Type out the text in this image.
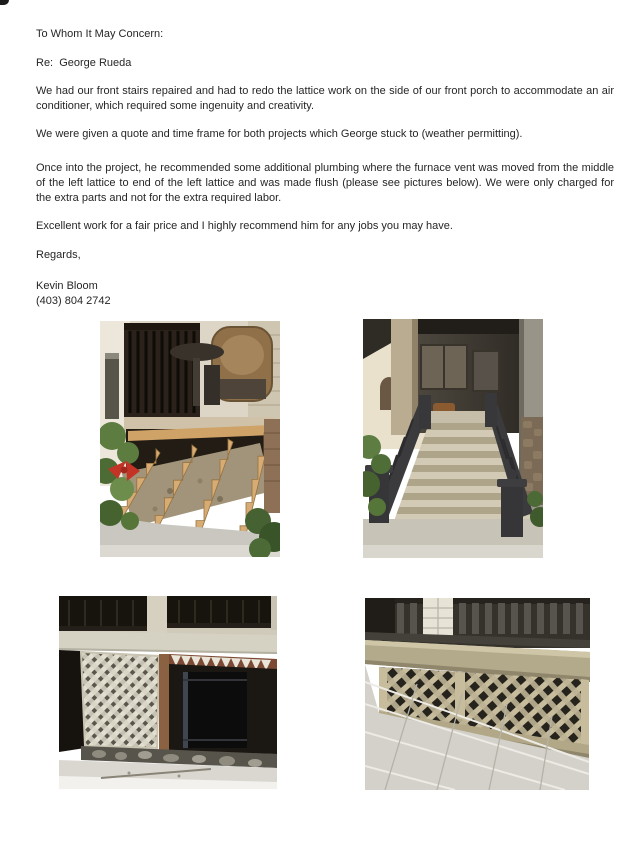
To Whom It May Concern:
Re:  George Rueda

We had our front stairs repaired and had to redo the lattice work on the side of our front porch to accommodate an air conditioner, which required some ingenuity and creativity.

We were given a quote and time frame for both projects which George stuck to (weather permitting).

Once into the project, he recommended some additional plumbing where the furnace vent was moved from the middle of the left lattice to end of the left lattice and was made flush (please see pictures below). We were only charged for the extra parts and not for the extra required labor.

Excellent work for a fair price and I highly recommend him for any jobs you may have.

Regards,
Kevin Bloom
(403) 804 2742
